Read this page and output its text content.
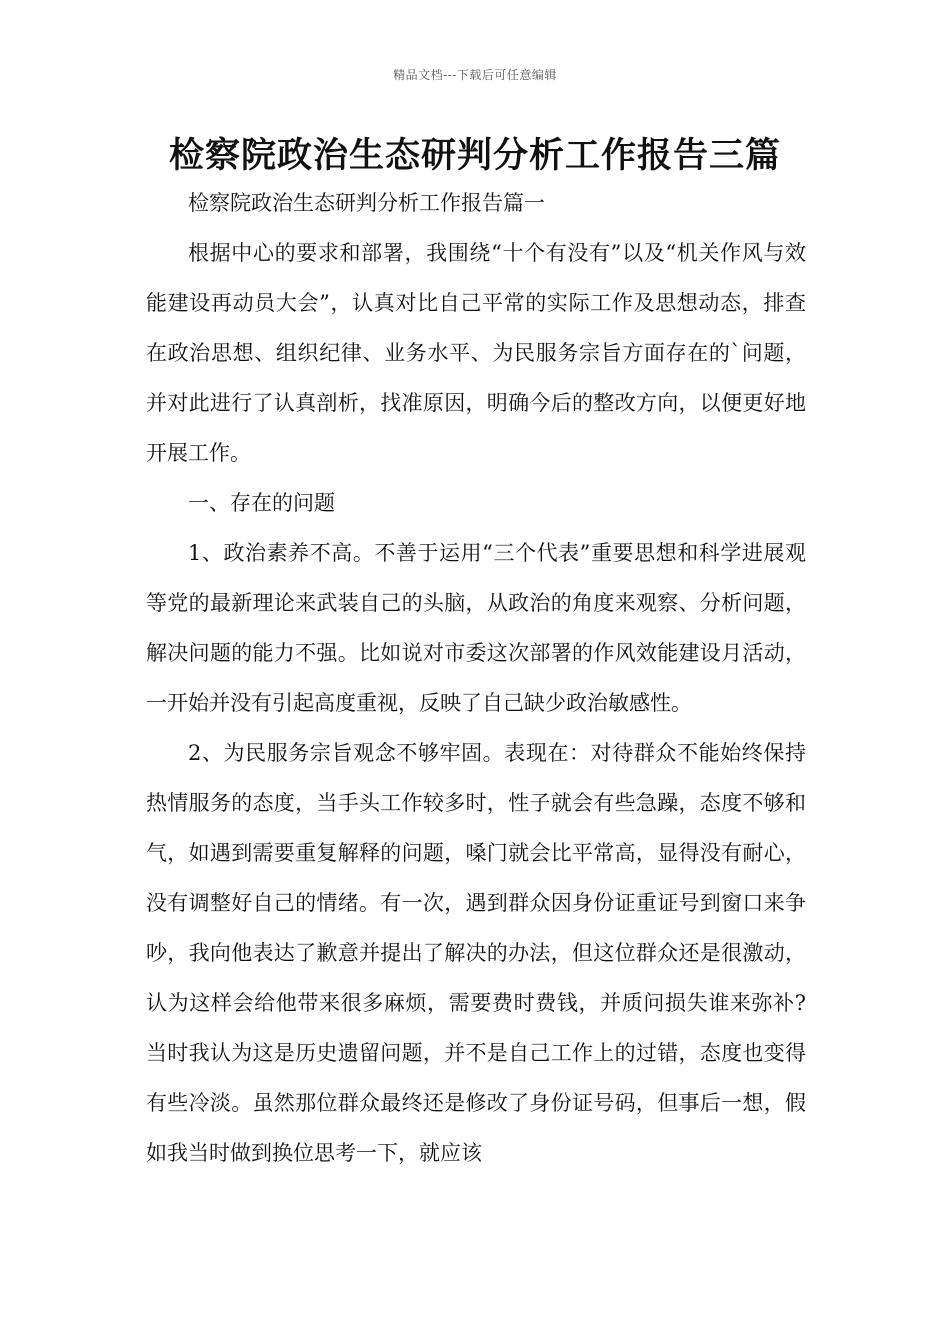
精品文档---下载后可任意编辑
检察院政治生态研判分析工作报告三篇

检察院政治生态研判分析工作报告篇一

根据中心的要求和部署，我围绕“十个有没有”以及“机关作风与效能建设再动员大会”，认真对比自己平常的实际工作及思想动态，排查在政治思想、组织纪律、业务水平、为民服务宗旨方面存在的`问题，并对此进行了认真剖析，找准原因，明确今后的整改方向，以便更好地开展工作。

一、存在的问题

1、政治素养不高。不善于运用“三个代表”重要思想和科学进展观等党的最新理论来武装自己的头脑，从政治的角度来观察、分析问题，解决问题的能力不强。比如说对市委这次部署的作风效能建设月活动，一开始并没有引起高度重视，反映了自己缺少政治敏感性。

2、为民服务宗旨观念不够牢固。表现在：对待群众不能始终保持热情服务的态度，当手头工作较多时，性子就会有些急躁，态度不够和气，如遇到需要重复解释的问题，嗓门就会比平常高，显得没有耐心，没有调整好自己的情绪。有一次，遇到群众因身份证重证号到窗口来争吵，我向他表达了歉意并提出了解决的办法，但这位群众还是很激动，认为这样会给他带来很多麻烦，需要费时费钱，并质问损失谁来弥补?当时我认为这是历史遗留问题，并不是自己工作上的过错，态度也变得有些冷淡。虽然那位群众最终还是修改了身份证号码，但事后一想，假如我当时做到换位思考一下，就应该
